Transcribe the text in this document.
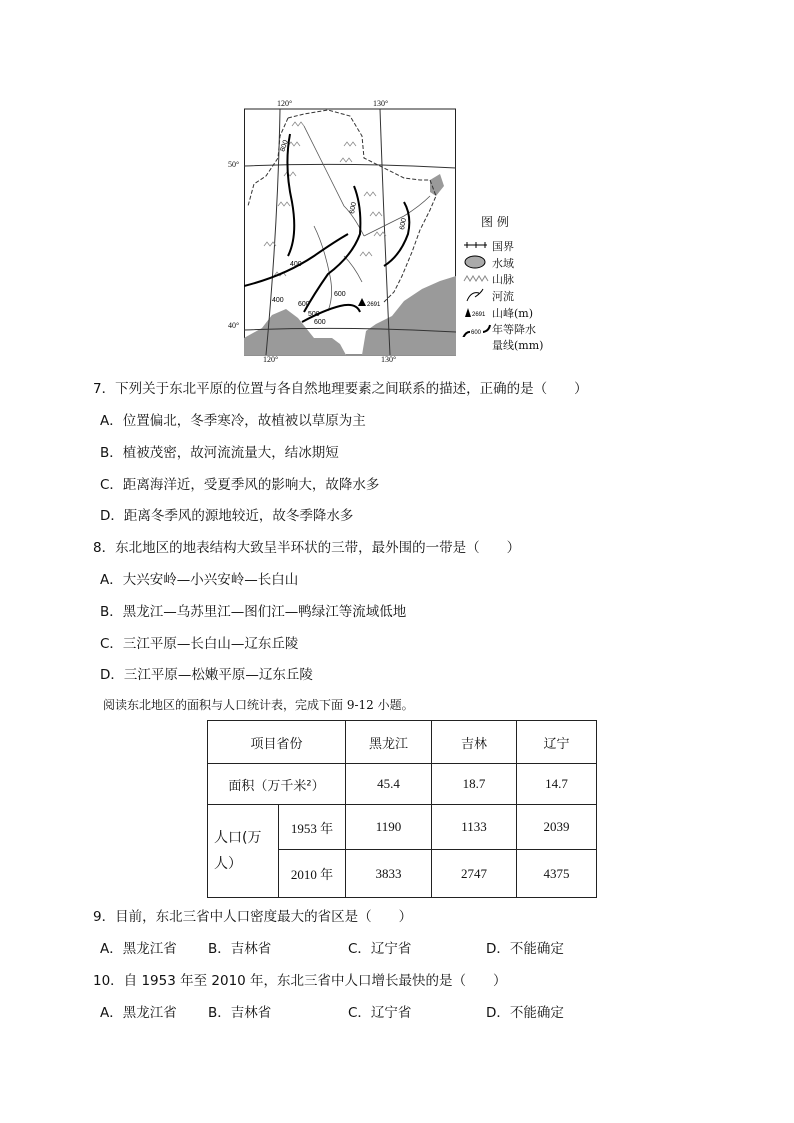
800
600
400
600
600
600
500
400
600
2691
120°	130°
120°	130°
50°
40°
图 例
国界
水域
山脉
河流
2691 山峰(m)
600 年等降水
量线(mm)
7．下列关于东北平原的位置与各自然地理要素之间联系的描述，正确的是（　　）
A．位置偏北，冬季寒冷，故植被以草原为主
B．植被茂密，故河流流量大，结冰期短
C．距离海洋近，受夏季风的影响大，故降水多
D．距离冬季风的源地较近，故冬季降水多
8．东北地区的地表结构大致呈半环状的三带，最外围的一带是（　　）
A．大兴安岭—小兴安岭—长白山
B．黑龙江—乌苏里江—图们江—鸭绿江等流域低地
C．三江平原—长白山—辽东丘陵
D．三江平原—松嫩平原—辽东丘陵
阅读东北地区的面积与人口统计表，完成下面 9-12 小题。
项目省份		黑龙江	吉林	辽宁
面积（万千米²）		45.4	18.7	14.7
人口(万
人）	1953 年	1190	1133	2039
	2010 年	3833	2747	4375
9．目前，东北三省中人口密度最大的省区是（　　）
A．黑龙江省 B．吉林省	C．辽宁省	D．不能确定
10．自 1953 年至 2010 年，东北三省中人口增长最快的是（　　）
A．黑龙江省 B．吉林省	C．辽宁省	D．不能确定
